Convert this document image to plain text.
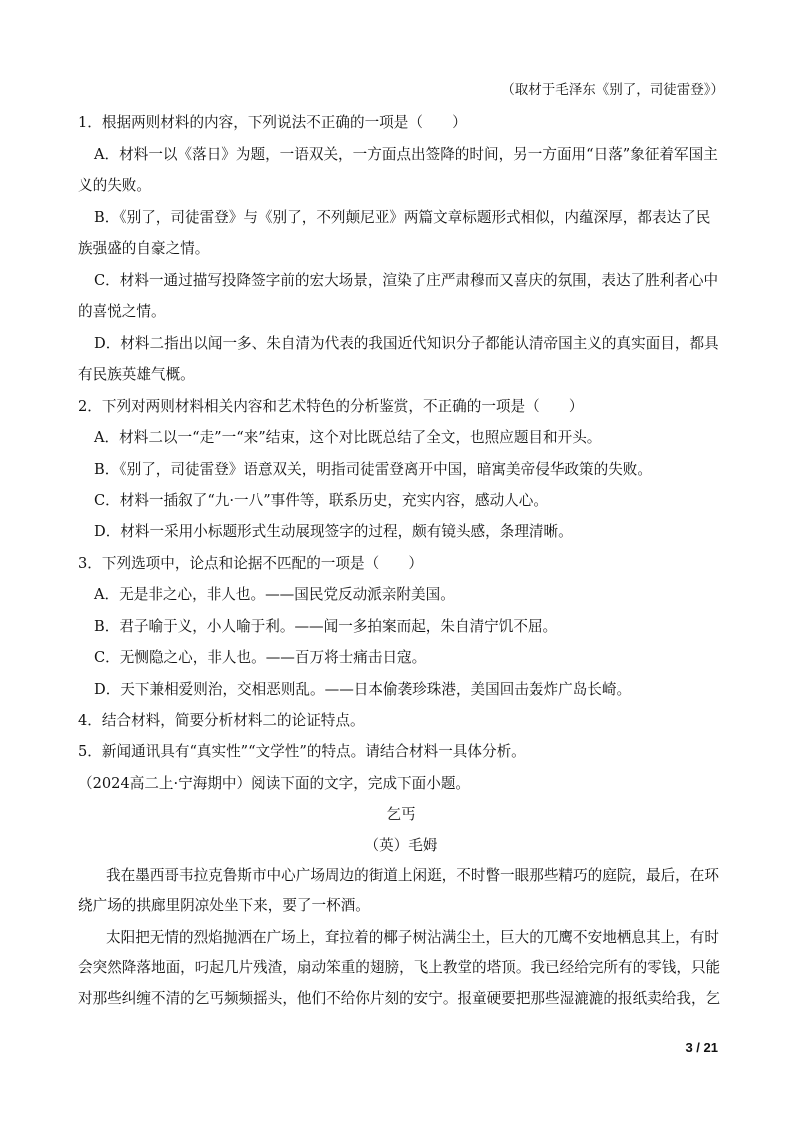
（取材于毛泽东《别了，司徒雷登》）
1．根据两则材料的内容，下列说法不正确的一项是（　　）
A．材料一以《落日》为题，一语双关，一方面点出签降的时间，另一方面用“日落”象征着军国主
义的失败。
B．《别了，司徒雷登》与《别了，不列颠尼亚》两篇文章标题形式相似，内蕴深厚，都表达了民
族强盛的自豪之情。
C．材料一通过描写投降签字前的宏大场景，渲染了庄严肃穆而又喜庆的氛围，表达了胜利者心中
的喜悦之情。
D．材料二指出以闻一多、朱自清为代表的我国近代知识分子都能认清帝国主义的真实面目，都具
有民族英雄气概。
2．下列对两则材料相关内容和艺术特色的分析鉴赏，不正确的一项是（　　）
A．材料二以一“走”一“来”结束，这个对比既总结了全文，也照应题目和开头。
B．《别了，司徒雷登》语意双关，明指司徒雷登离开中国，暗寓美帝侵华政策的失败。
C．材料一插叙了“九·一八”事件等，联系历史，充实内容，感动人心。
D．材料一采用小标题形式生动展现签字的过程，颇有镜头感，条理清晰。
3．下列选项中，论点和论据不匹配的一项是（　　）
A．无是非之心，非人也。——国民党反动派亲附美国。
B．君子喻于义，小人喻于利。——闻一多拍案而起，朱自清宁饥不屈。
C．无恻隐之心，非人也。——百万将士痛击日寇。
D．天下兼相爱则治，交相恶则乱。——日本偷袭珍珠港，美国回击轰炸广岛长崎。
4．结合材料，简要分析材料二的论证特点。
5．新闻通讯具有“真实性”“文学性”的特点。请结合材料一具体分析。
（2024高二上·宁海期中）阅读下面的文字，完成下面小题。
乞丐
（英）毛姆
我在墨西哥韦拉克鲁斯市中心广场周边的街道上闲逛，不时瞥一眼那些精巧的庭院，最后，在环
绕广场的拱廊里阴凉处坐下来，要了一杯酒。
太阳把无情的烈焰抛洒在广场上，耷拉着的椰子树沾满尘土，巨大的兀鹰不安地栖息其上，有时
会突然降落地面，叼起几片残渣，扇动笨重的翅膀，飞上教堂的塔顶。我已经给完所有的零钱，只能
对那些纠缠不清的乞丐频频摇头，他们不给你片刻的安宁。报童硬要把那些湿漉漉的报纸卖给我，乞
3 / 21
